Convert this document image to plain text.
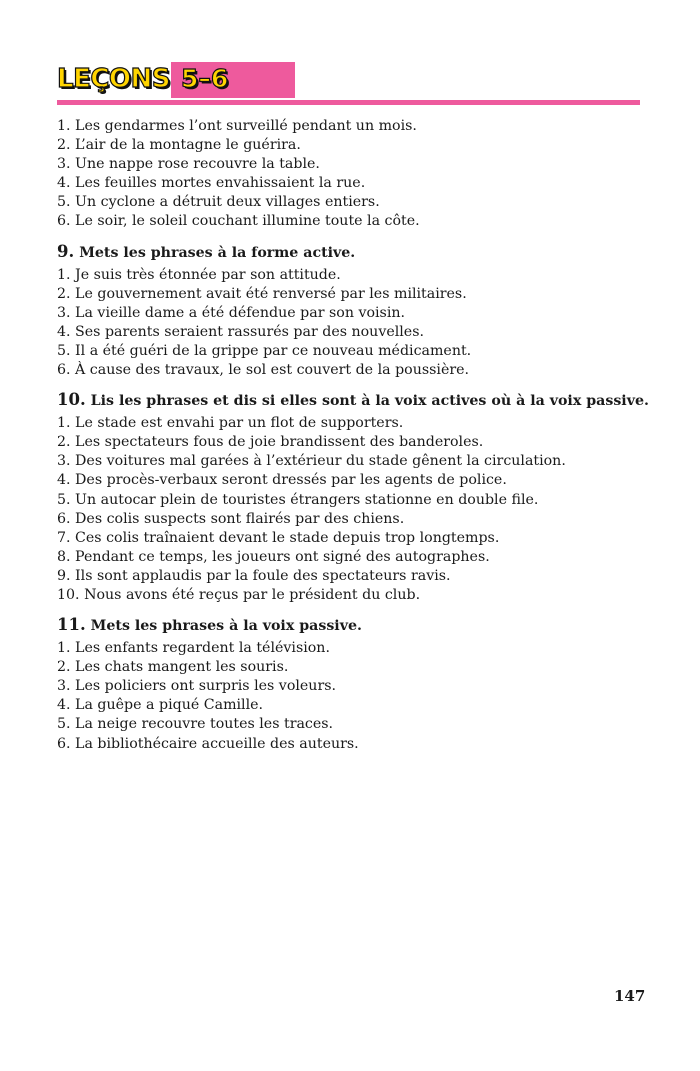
LEÇONS 5–6
1. Les gendarmes l’ont surveillé pendant un mois.
2. L’air de la montagne le guérira.
3. Une nappe rose recouvre la table.
4. Les feuilles mortes envahissaient la rue.
5. Un cyclone a détruit deux villages entiers.
6. Le soir, le soleil couchant illumine toute la côte.
9. Mets les phrases à la forme active.
1. Je suis très étonnée par son attitude.
2. Le gouvernement avait été renversé par les militaires.
3. La vieille dame a été défendue par son voisin.
4. Ses parents seraient rassurés par des nouvelles.
5. Il a été guéri de la grippe par ce nouveau médicament.
6. À cause des travaux, le sol est couvert de la poussière.
10. Lis les phrases et dis si elles sont à la voix actives où à la voix passive.
1. Le stade est envahi par un flot de supporters.
2. Les spectateurs fous de joie brandissent des banderoles.
3. Des voitures mal garées à l’extérieur du stade gênent la circulation.
4. Des procès-verbaux seront dressés par les agents de police.
5. Un autocar plein de touristes étrangers stationne en double file.
6. Des colis suspects sont flairés par des chiens.
7. Ces colis traînaient devant le stade depuis trop longtemps.
8. Pendant ce temps, les joueurs ont signé des autographes.
9. Ils sont applaudis par la foule des spectateurs ravis.
10. Nous avons été reçus par le président du club.
11. Mets les phrases à la voix passive.
1. Les enfants regardent la télévision.
2. Les chats mangent les souris.
3. Les policiers ont surpris les voleurs.
4. La guêpe a piqué Camille.
5. La neige recouvre toutes les traces.
6. La bibliothécaire accueille des auteurs.
147
